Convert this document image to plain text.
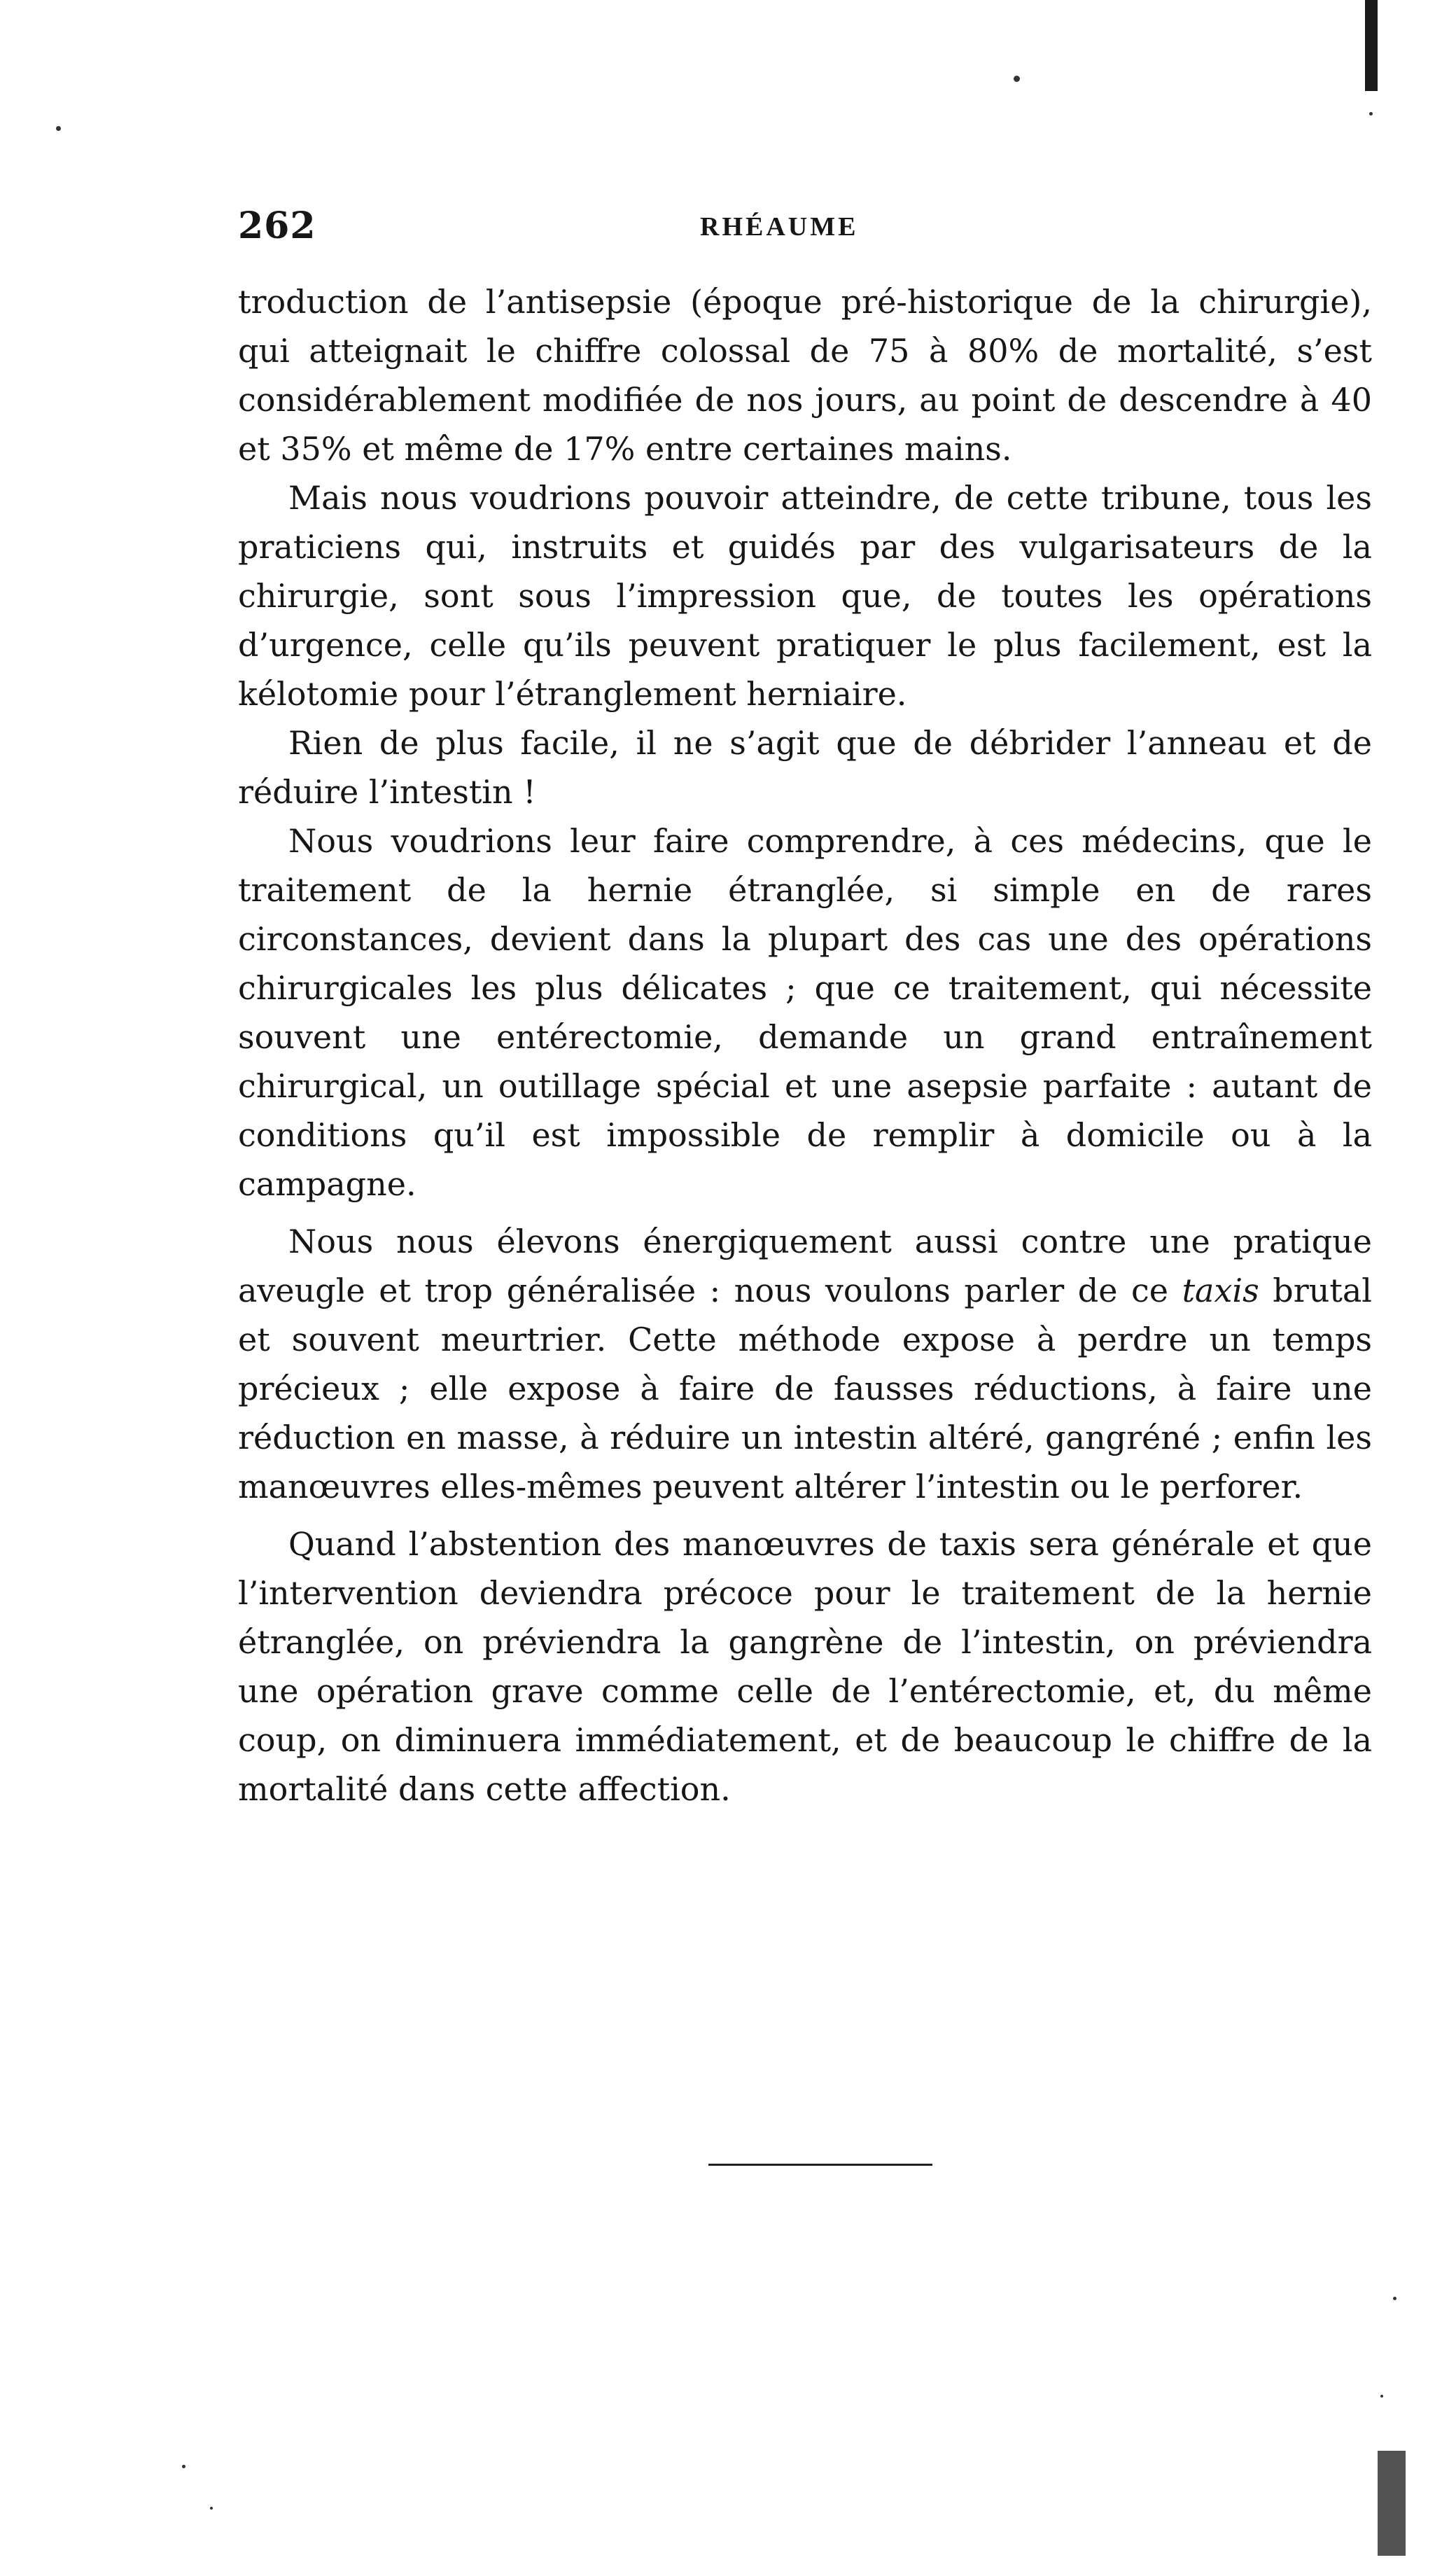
262	RHÉAUME

troduction de l’antisepsie (époque pré-historique de la chirurgie), qui atteignait le chiffre colossal de 75 à 80% de mortalité, s’est considérablement modifiée de nos jours, au point de descendre à 40 et 35% et même de 17% entre certaines mains.

Mais nous voudrions pouvoir atteindre, de cette tribune, tous les praticiens qui, instruits et guidés par des vulgarisateurs de la chirurgie, sont sous l’impression que, de toutes les opérations d’urgence, celle qu’ils peuvent pratiquer le plus facilement, est la kélotomie pour l’étranglement herniaire.

Rien de plus facile, il ne s’agit que de débrider l’anneau et de réduire l’intestin !

Nous voudrions leur faire comprendre, à ces médecins, que le traitement de la hernie étranglée, si simple en de rares circonstances, devient dans la plupart des cas une des opérations chirurgicales les plus délicates ; que ce traitement, qui nécessite souvent une entérectomie, demande un grand entraînement chirurgical, un outillage spécial et une asepsie parfaite : autant de conditions qu’il est impossible de remplir à domicile ou à la campagne.

Nous nous élevons énergiquement aussi contre une pratique aveugle et trop généralisée : nous voulons parler de ce taxis brutal et souvent meurtrier. Cette méthode expose à perdre un temps précieux ; elle expose à faire de fausses réductions, à faire une réduction en masse, à réduire un intestin altéré, gangréné ; enfin les manœuvres elles-mêmes peuvent altérer l’intestin ou le perforer.

Quand l’abstention des manœuvres de taxis sera générale et que l’intervention deviendra précoce pour le traitement de la hernie étranglée, on préviendra la gangrène de l’intestin, on préviendra une opération grave comme celle de l’entérectomie, et, du même coup, on diminuera immédiatement, et de beaucoup le chiffre de la mortalité dans cette affection.
